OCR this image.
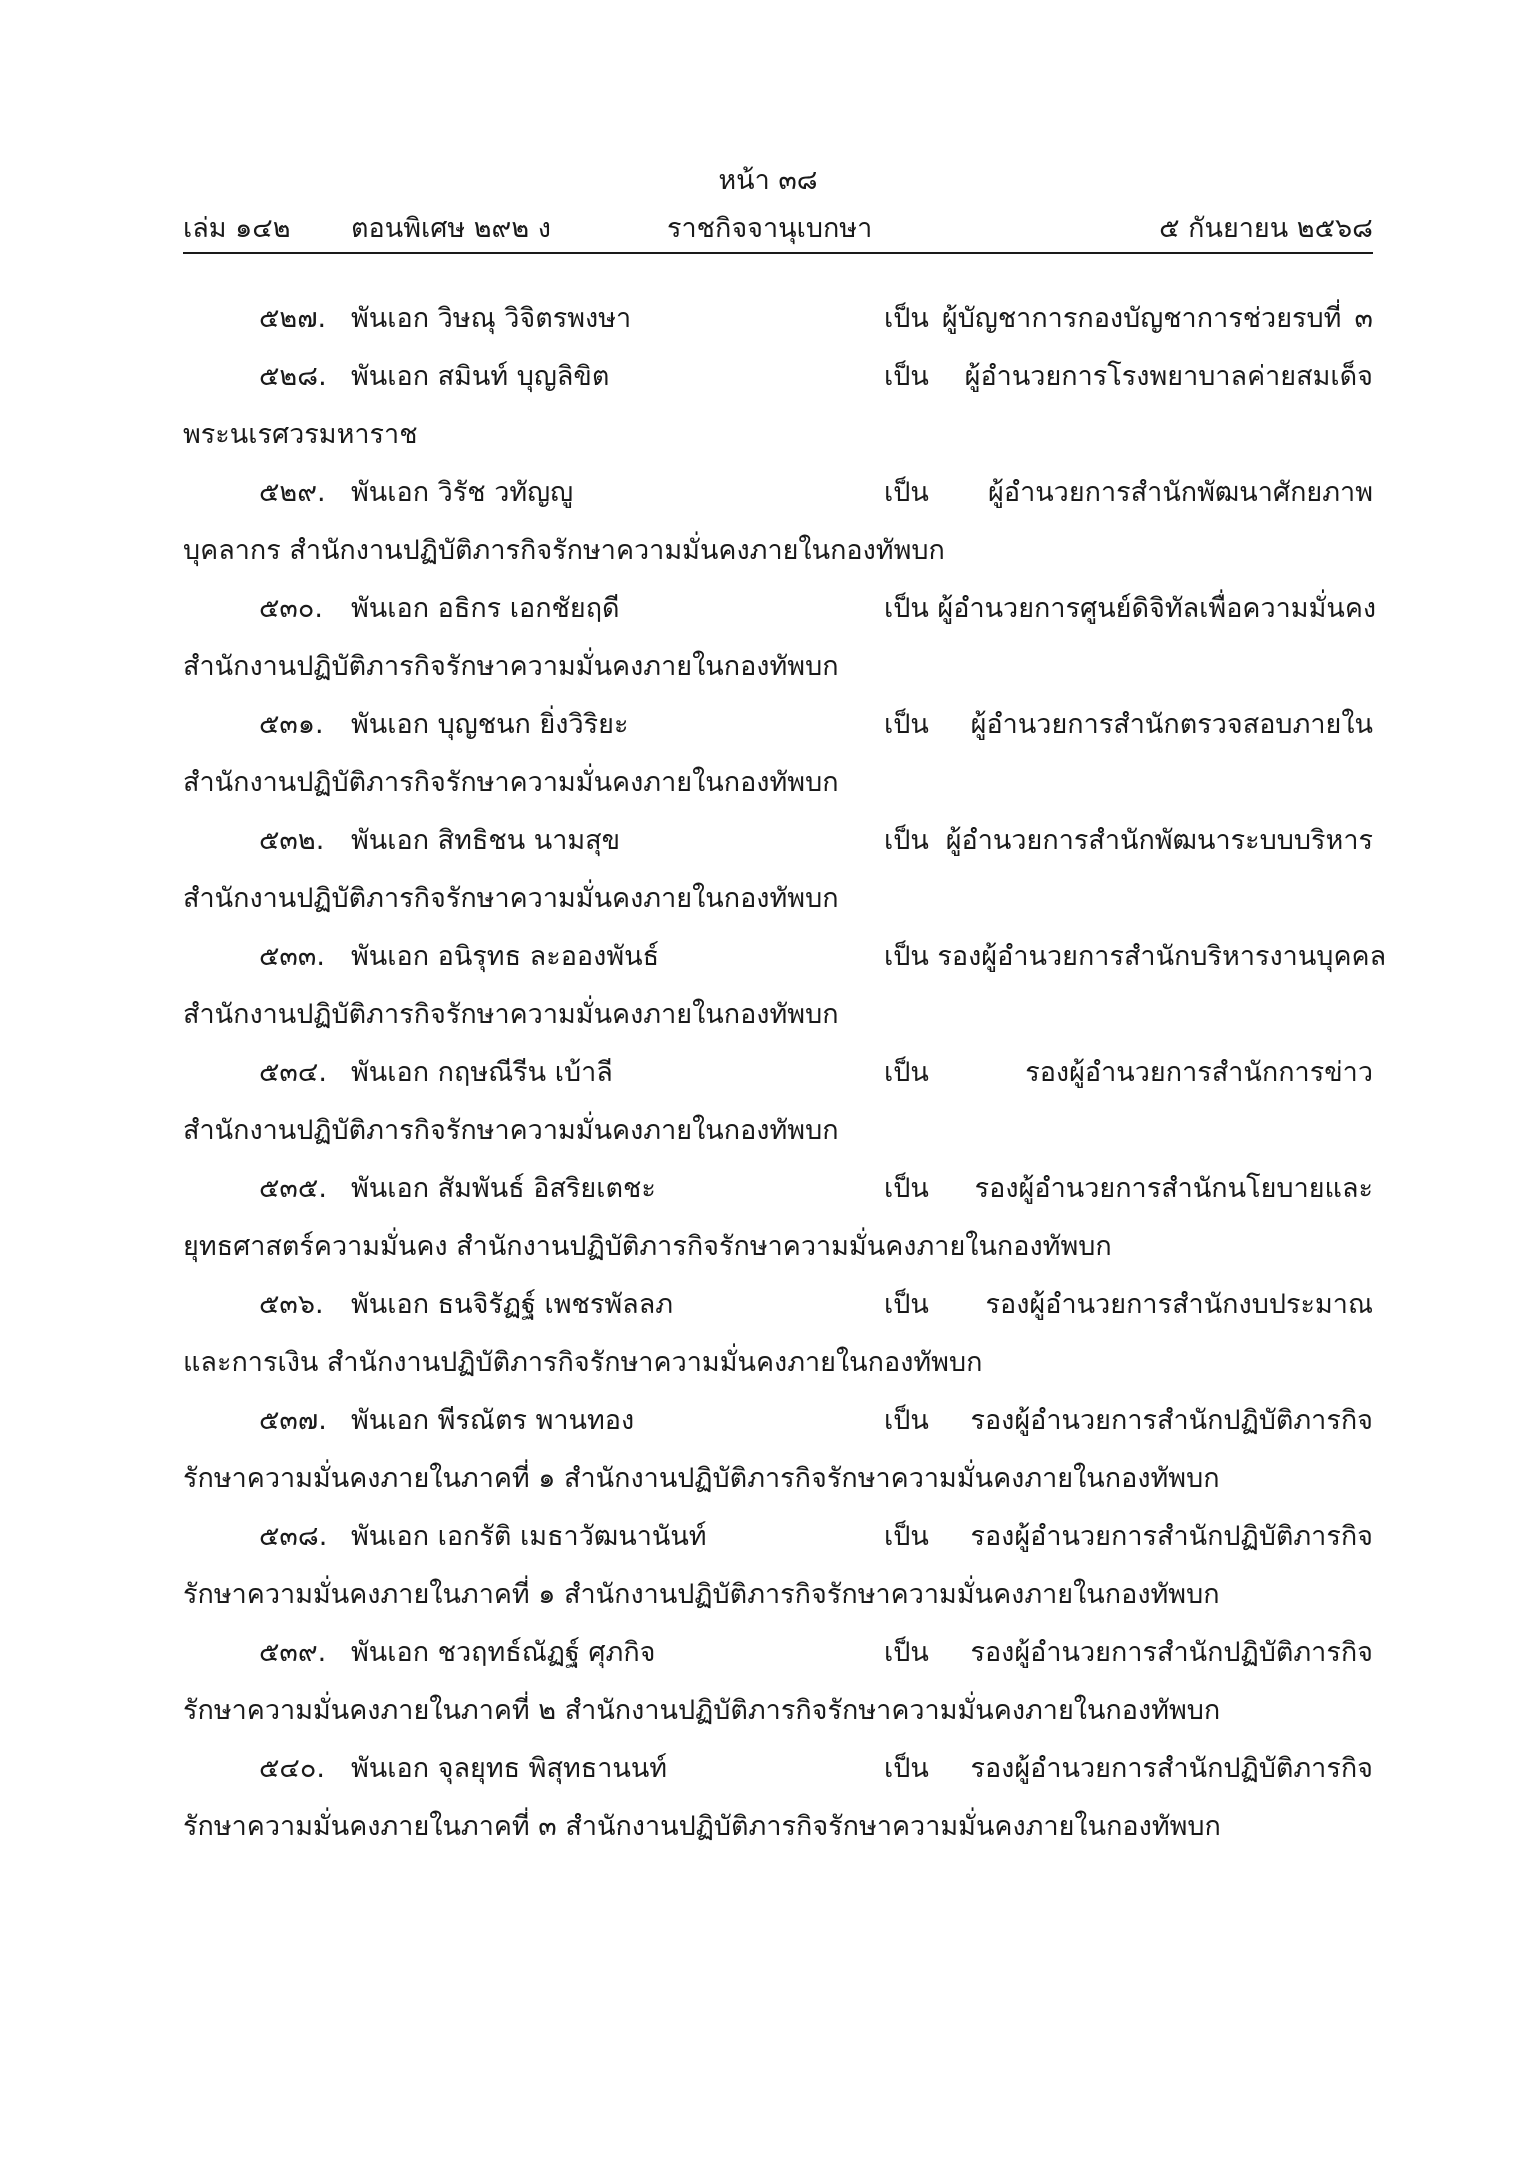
หน้า ๓๘
เล่ม ๑๔๒ ตอนพิเศษ ๒๙๒ ง	ราชกิจจานุเบกษา	๕ กันยายน ๒๕๖๘
๕๒๗. พันเอก วิษณุ วิจิตรพงษา	เป็น ผู้บัญชาการกองบัญชาการช่วยรบที่ ๓
๕๒๘. พันเอก สมินท์ บุญลิขิต	เป็น ผู้อำนวยการโรงพยาบาลค่ายสมเด็จ
พระนเรศวรมหาราช
๕๒๙. พันเอก วิรัช วทัญญู	เป็น ผู้อำนวยการสำนักพัฒนาศักยภาพ
บุคลากร สำนักงานปฏิบัติภารกิจรักษาความมั่นคงภายในกองทัพบก
๕๓๐. พันเอก อธิกร เอกชัยฤดี	เป็น ผู้อำนวยการศูนย์ดิจิทัลเพื่อความมั่นคง
สำนักงานปฏิบัติภารกิจรักษาความมั่นคงภายในกองทัพบก
๕๓๑. พันเอก บุญชนก ยิ่งวิริยะ	เป็น ผู้อำนวยการสำนักตรวจสอบภายใน
สำนักงานปฏิบัติภารกิจรักษาความมั่นคงภายในกองทัพบก
๕๓๒. พันเอก สิทธิชน นามสุข	เป็น ผู้อำนวยการสำนักพัฒนาระบบบริหาร
สำนักงานปฏิบัติภารกิจรักษาความมั่นคงภายในกองทัพบก
๕๓๓. พันเอก อนิรุทธ ละอองพันธ์	เป็น รองผู้อำนวยการสำนักบริหารงานบุคคล
สำนักงานปฏิบัติภารกิจรักษาความมั่นคงภายในกองทัพบก
๕๓๔. พันเอก กฤษณีรีน เบ้าลี	เป็น รองผู้อำนวยการสำนักการข่าว
สำนักงานปฏิบัติภารกิจรักษาความมั่นคงภายในกองทัพบก
๕๓๕. พันเอก สัมพันธ์ อิสริยเตชะ	เป็น รองผู้อำนวยการสำนักนโยบายและ
ยุทธศาสตร์ความมั่นคง สำนักงานปฏิบัติภารกิจรักษาความมั่นคงภายในกองทัพบก
๕๓๖. พันเอก ธนจิรัฏฐ์ เพชรพัลลภ	เป็น รองผู้อำนวยการสำนักงบประมาณ
และการเงิน สำนักงานปฏิบัติภารกิจรักษาความมั่นคงภายในกองทัพบก
๕๓๗. พันเอก พีรณัตร พานทอง	เป็น รองผู้อำนวยการสำนักปฏิบัติภารกิจ
รักษาความมั่นคงภายในภาคที่ ๑ สำนักงานปฏิบัติภารกิจรักษาความมั่นคงภายในกองทัพบก
๕๓๘. พันเอก เอกรัติ เมธาวัฒนานันท์	เป็น รองผู้อำนวยการสำนักปฏิบัติภารกิจ
รักษาความมั่นคงภายในภาคที่ ๑ สำนักงานปฏิบัติภารกิจรักษาความมั่นคงภายในกองทัพบก
๕๓๙. พันเอก ชวฤทธ์ณัฏฐ์ ศุภกิจ	เป็น รองผู้อำนวยการสำนักปฏิบัติภารกิจ
รักษาความมั่นคงภายในภาคที่ ๒ สำนักงานปฏิบัติภารกิจรักษาความมั่นคงภายในกองทัพบก
๕๔๐. พันเอก จุลยุทธ พิสุทธานนท์	เป็น รองผู้อำนวยการสำนักปฏิบัติภารกิจ
รักษาความมั่นคงภายในภาคที่ ๓ สำนักงานปฏิบัติภารกิจรักษาความมั่นคงภายในกองทัพบก
